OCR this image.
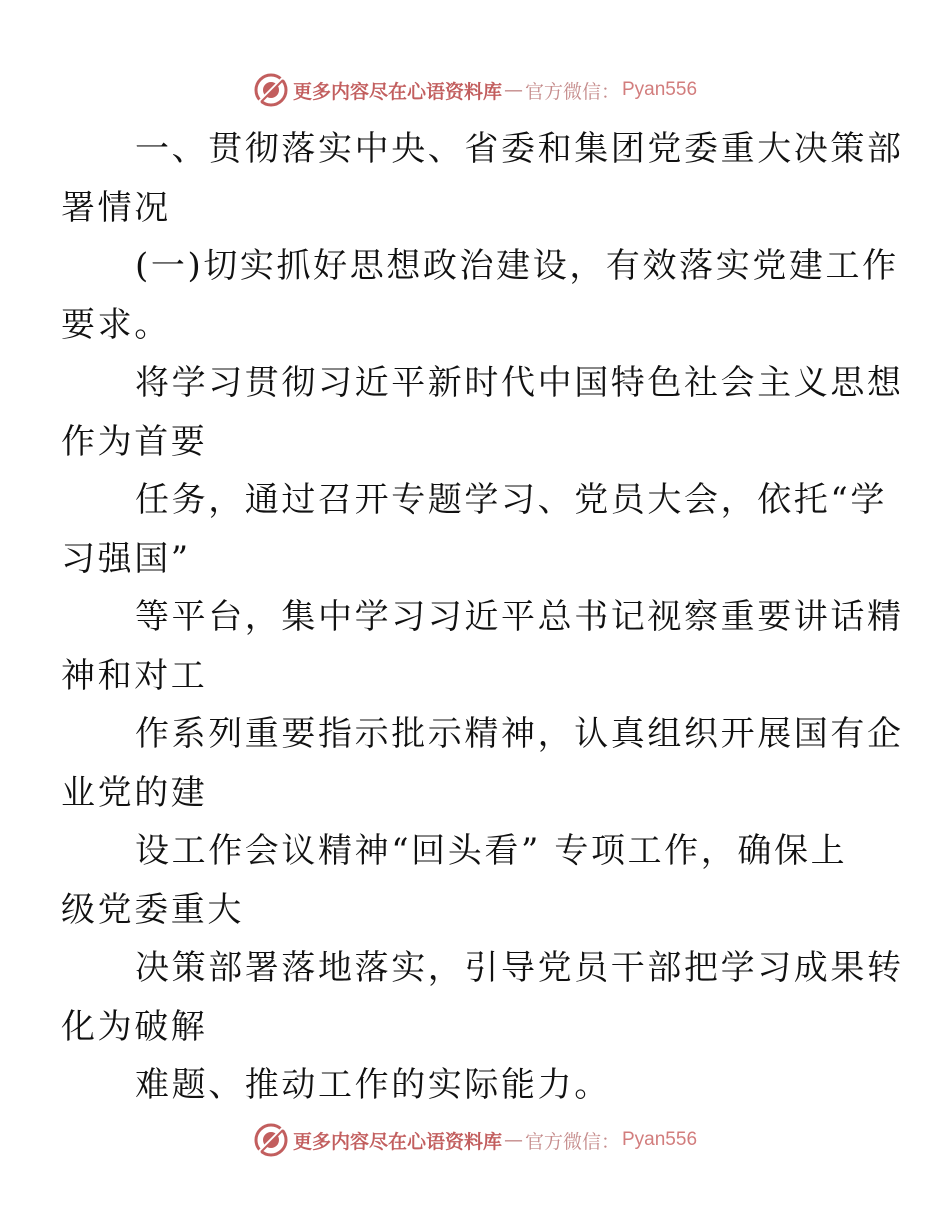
更多内容尽在心语资料库 — 官方微信： Pyan556

一、贯彻落实中央、省委和集团党委重大决策部
署情况

(一)切实抓好思想政治建设，有效落实党建工作
要求。

将学习贯彻习近平新时代中国特色社会主义思想
作为首要

任务，通过召开专题学习、党员大会，依托“学
习强国”

等平台，集中学习习近平总书记视察重要讲话精
神和对工

作系列重要指示批示精神，认真组织开展国有企
业党的建

设工作会议精神“回头看” 专项工作，确保上
级党委重大

决策部署落地落实，引导党员干部把学习成果转
化为破解

难题、推动工作的实际能力。

更多内容尽在心语资料库 — 官方微信： Pyan556
